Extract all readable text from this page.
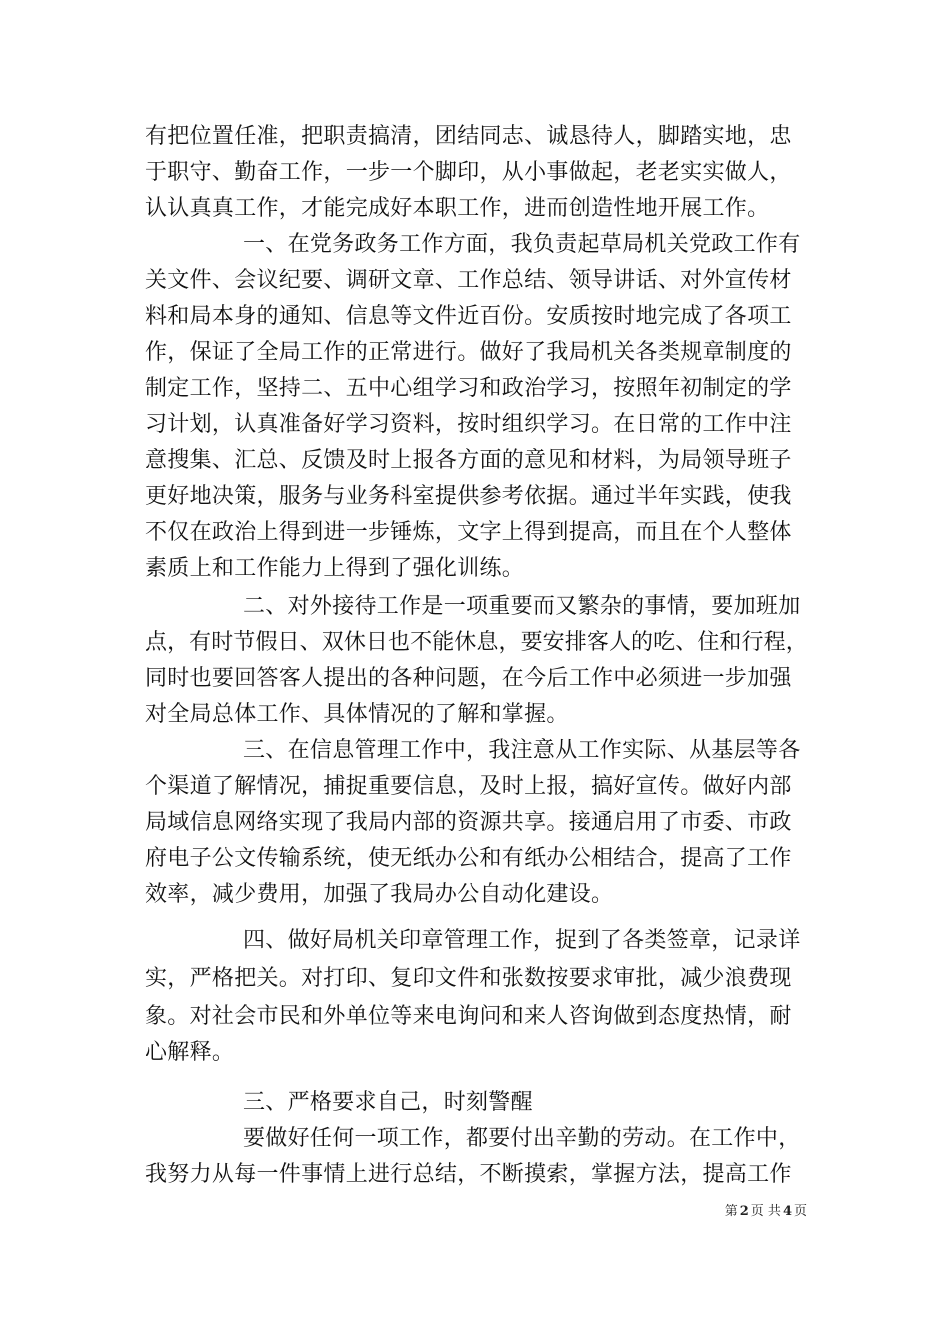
有把位置任准，把职责搞清，团结同志、诚恳待人，脚踏实地，忠
于职守、勤奋工作，一步一个脚印，从小事做起，老老实实做人，
认认真真工作，才能完成好本职工作，进而创造性地开展工作。
一、在党务政务工作方面，我负责起草局机关党政工作有
关文件、会议纪要、调研文章、工作总结、领导讲话、对外宣传材
料和局本身的通知、信息等文件近百份。安质按时地完成了各项工
作，保证了全局工作的正常进行。做好了我局机关各类规章制度的
制定工作，坚持二、五中心组学习和政治学习，按照年初制定的学
习计划，认真准备好学习资料，按时组织学习。在日常的工作中注
意搜集、汇总、反馈及时上报各方面的意见和材料，为局领导班子
更好地决策，服务与业务科室提供参考依据。通过半年实践，使我
不仅在政治上得到进一步锤炼，文字上得到提高，而且在个人整体
素质上和工作能力上得到了强化训练。
二、对外接待工作是一项重要而又繁杂的事情，要加班加
点，有时节假日、双休日也不能休息，要安排客人的吃、住和行程，
同时也要回答客人提出的各种问题，在今后工作中必须进一步加强
对全局总体工作、具体情况的了解和掌握。
三、在信息管理工作中，我注意从工作实际、从基层等各
个渠道了解情况，捕捉重要信息，及时上报，搞好宣传。做好内部
局域信息网络实现了我局内部的资源共享。接通启用了市委、市政
府电子公文传输系统，使无纸办公和有纸办公相结合，提高了工作
效率，减少费用，加强了我局办公自动化建设。
四、做好局机关印章管理工作，捉到了各类签章，记录详
实，严格把关。对打印、复印文件和张数按要求审批，减少浪费现
象。对社会市民和外单位等来电询问和来人咨询做到态度热情，耐
心解释。
三、严格要求自己，时刻警醒
要做好任何一项工作，都要付出辛勤的劳动。在工作中，
我努力从每一件事情上进行总结，不断摸索，掌握方法，提高工作
第 2 页 共 4 页
